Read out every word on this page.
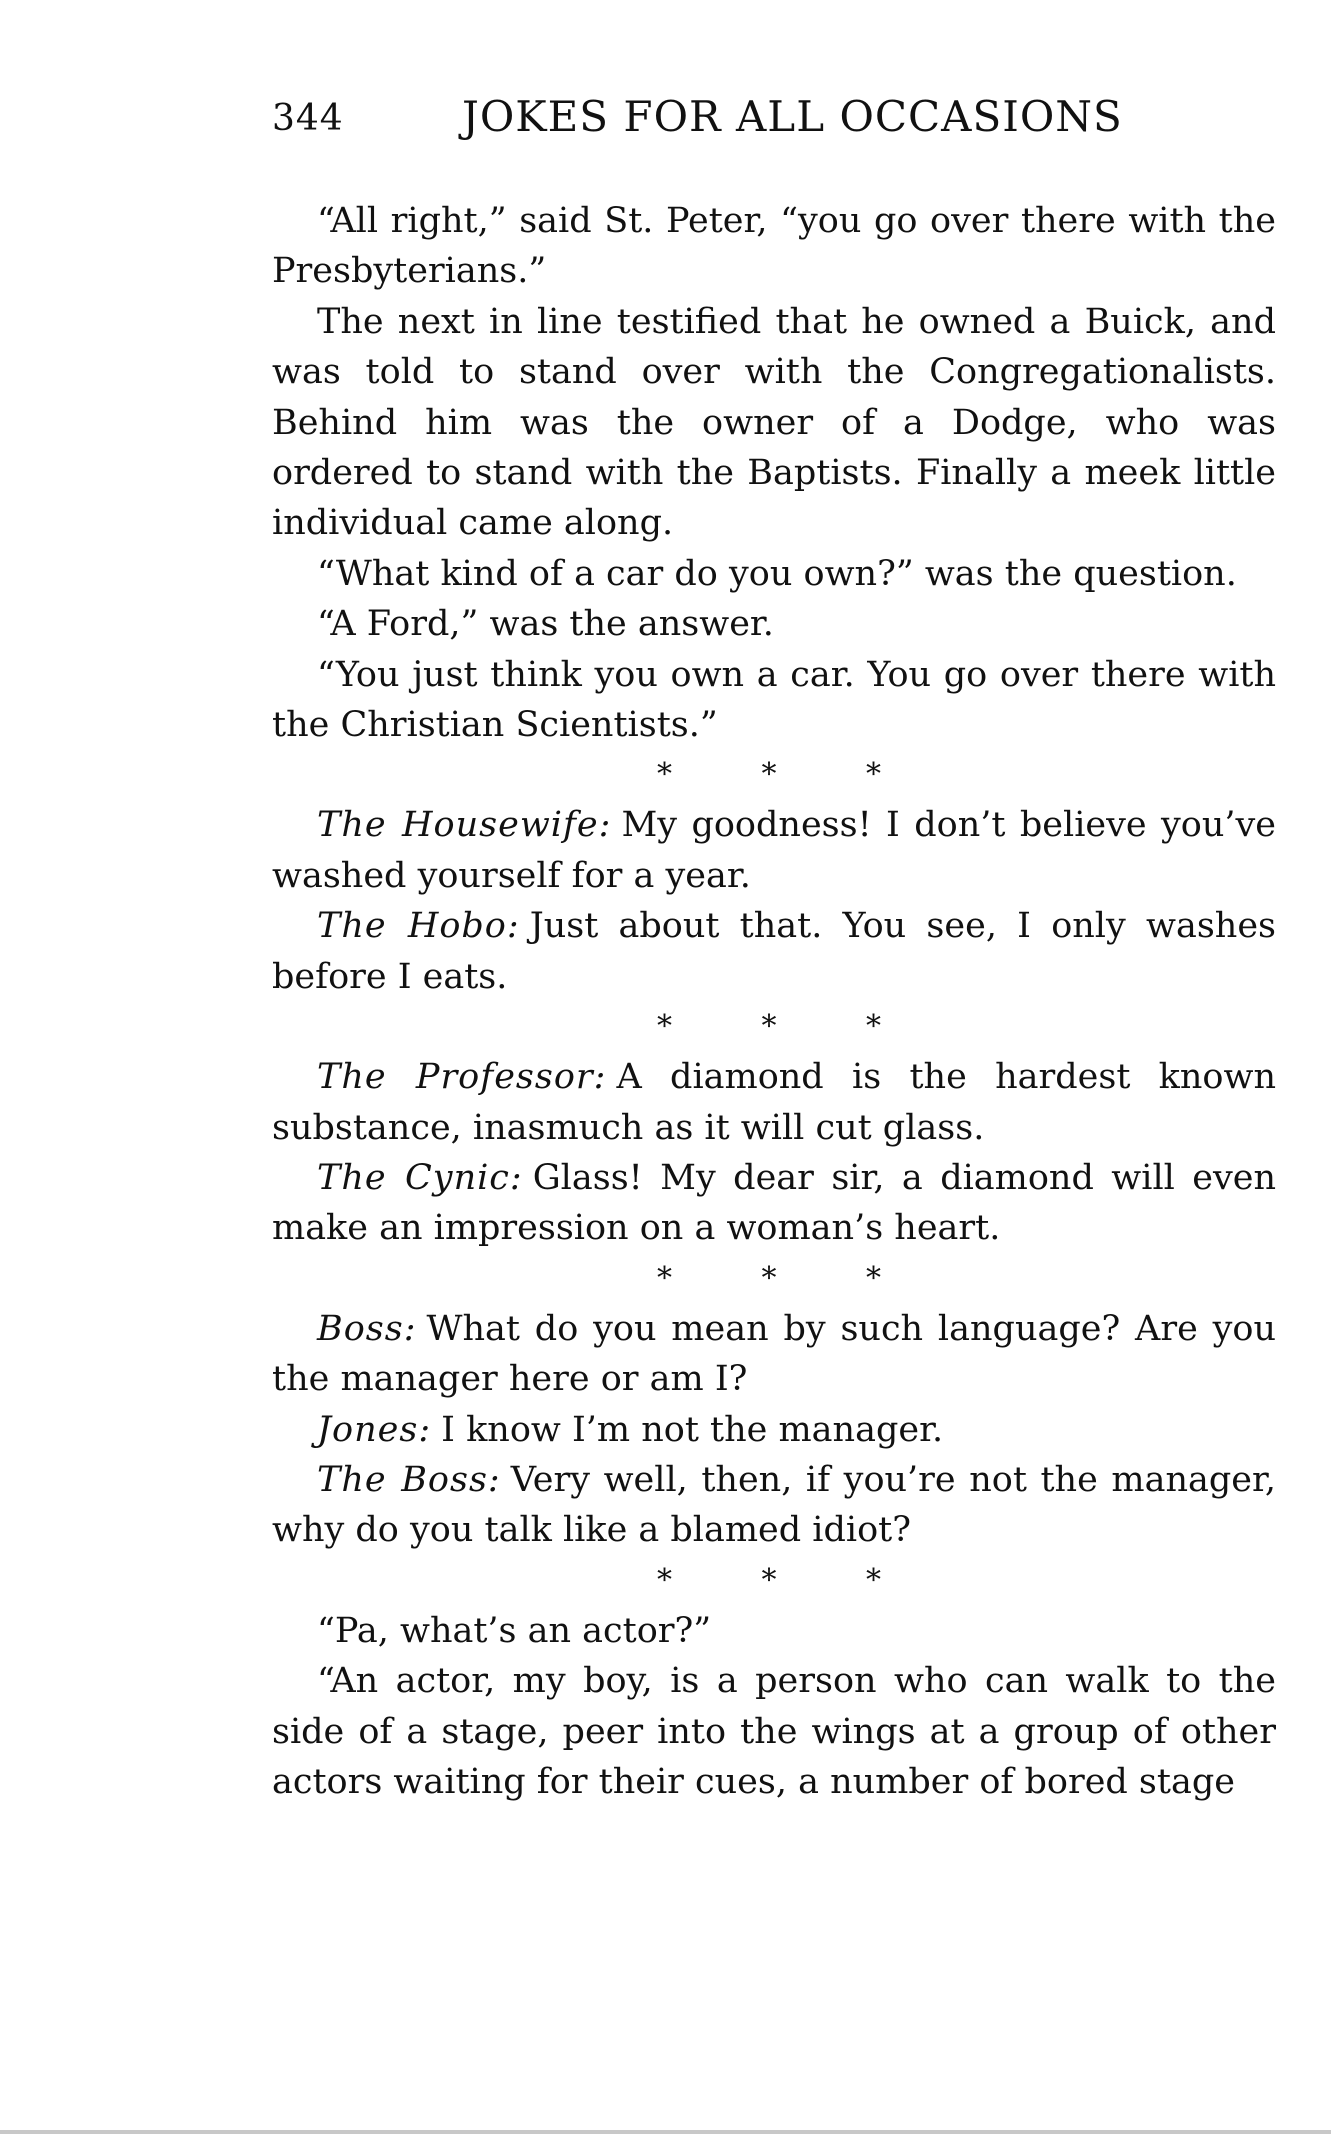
344	JOKES FOR ALL OCCASIONS

“All right,” said St. Peter, “you go over there with the Presbyterians.”

The next in line testified that he owned a Buick, and was told to stand over with the Congregationalists. Behind him was the owner of a Dodge, who was ordered to stand with the Baptists. Finally a meek little individual came along.

“What kind of a car do you own?” was the question.

“A Ford,” was the answer.

“You just think you own a car. You go over there with the Christian Scientists.”

* * *

The Housewife: My goodness! I don’t believe you’ve washed yourself for a year.

The Hobo: Just about that. You see, I only washes before I eats.

* * *

The Professor: A diamond is the hardest known substance, inasmuch as it will cut glass.

The Cynic: Glass! My dear sir, a diamond will even make an impression on a woman’s heart.

* * *

Boss: What do you mean by such language? Are you the manager here or am I?

Jones: I know I’m not the manager.

The Boss: Very well, then, if you’re not the manager, why do you talk like a blamed idiot?

* * *

“Pa, what’s an actor?”

“An actor, my boy, is a person who can walk to the side of a stage, peer into the wings at a group of other actors waiting for their cues, a number of bored stage
